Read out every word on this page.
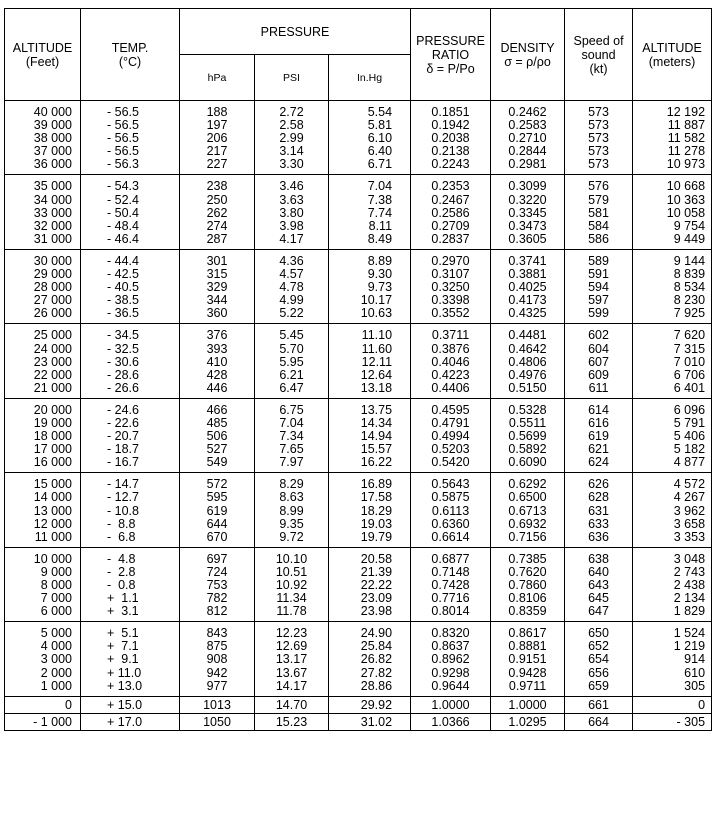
ALTITUDE
(Feet)	TEMP.
(°C)	PRESSURE			PRESSURE
RATIO
δ = P/Po	DENSITY
σ = ρ/ρo	Speed of
sound
(kt)	ALTITUDE
(meters)
		hPa	PSI	In.Hg				
40 000	- 56.5	188	2.72	5.54	0.1851	0.2462	573	12 192
39 000	- 56.5	197	2.58	5.81	0.1942	0.2583	573	11 887
38 000	- 56.5	206	2.99	6.10	0.2038	0.2710	573	11 582
37 000	- 56.5	217	3.14	6.40	0.2138	0.2844	573	11 278
36 000	- 56.3	227	3.30	6.71	0.2243	0.2981	573	10 973
35 000	- 54.3	238	3.46	7.04	0.2353	0.3099	576	10 668
34 000	- 52.4	250	3.63	7.38	0.2467	0.3220	579	10 363
33 000	- 50.4	262	3.80	7.74	0.2586	0.3345	581	10 058
32 000	- 48.4	274	3.98	8.11	0.2709	0.3473	584	9 754
31 000	- 46.4	287	4.17	8.49	0.2837	0.3605	586	9 449
30 000	- 44.4	301	4.36	8.89	0.2970	0.3741	589	9 144
29 000	- 42.5	315	4.57	9.30	0.3107	0.3881	591	8 839
28 000	- 40.5	329	4.78	9.73	0.3250	0.4025	594	8 534
27 000	- 38.5	344	4.99	10.17	0.3398	0.4173	597	8 230
26 000	- 36.5	360	5.22	10.63	0.3552	0.4325	599	7 925
25 000	- 34.5	376	5.45	11.10	0.3711	0.4481	602	7 620
24 000	- 32.5	393	5.70	11.60	0.3876	0.4642	604	7 315
23 000	- 30.6	410	5.95	12.11	0.4046	0.4806	607	7 010
22 000	- 28.6	428	6.21	12.64	0.4223	0.4976	609	6 706
21 000	- 26.6	446	6.47	13.18	0.4406	0.5150	611	6 401
20 000	- 24.6	466	6.75	13.75	0.4595	0.5328	614	6 096
19 000	- 22.6	485	7.04	14.34	0.4791	0.5511	616	5 791
18 000	- 20.7	506	7.34	14.94	0.4994	0.5699	619	5 406
17 000	- 18.7	527	7.65	15.57	0.5203	0.5892	621	5 182
16 000	- 16.7	549	7.97	16.22	0.5420	0.6090	624	4 877
15 000	- 14.7	572	8.29	16.89	0.5643	0.6292	626	4 572
14 000	- 12.7	595	8.63	17.58	0.5875	0.6500	628	4 267
13 000	- 10.8	619	8.99	18.29	0.6113	0.6713	631	3 962
12 000	-  8.8	644	9.35	19.03	0.6360	0.6932	633	3 658
11 000	-  6.8	670	9.72	19.79	0.6614	0.7156	636	3 353
10 000	-  4.8	697	10.10	20.58	0.6877	0.7385	638	3 048
9 000	-  2.8	724	10.51	21.39	0.7148	0.7620	640	2 743
8 000	-  0.8	753	10.92	22.22	0.7428	0.7860	643	2 438
7 000	+  1.1	782	11.34	23.09	0.7716	0.8106	645	2 134
6 000	+  3.1	812	11.78	23.98	0.8014	0.8359	647	1 829
5 000	+  5.1	843	12.23	24.90	0.8320	0.8617	650	1 524
4 000	+  7.1	875	12.69	25.84	0.8637	0.8881	652	1 219
3 000	+  9.1	908	13.17	26.82	0.8962	0.9151	654	914
2 000	+ 11.0	942	13.67	27.82	0.9298	0.9428	656	610
1 000	+ 13.0	977	14.17	28.86	0.9644	0.9711	659	305
0	+ 15.0	1013	14.70	29.92	1.0000	1.0000	661	0
- 1 000	+ 17.0	1050	15.23	31.02	1.0366	1.0295	664	- 305
